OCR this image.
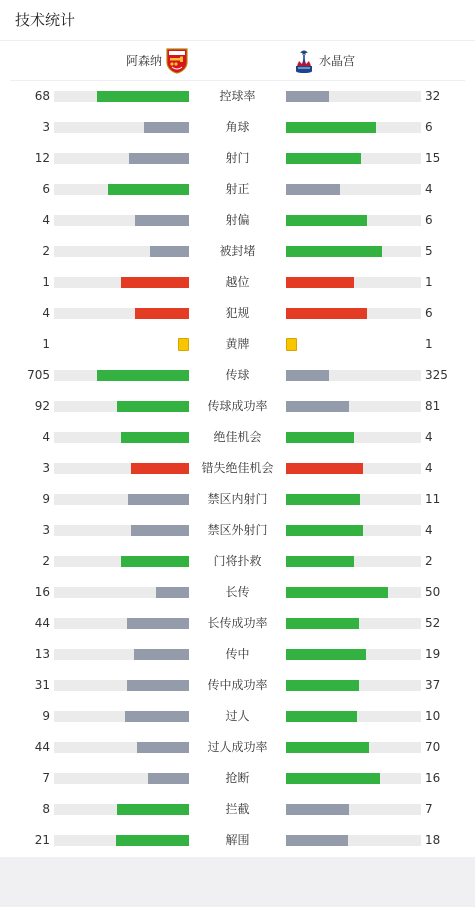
技术统计
阿森纳	水晶宫
68	控球率	32
3	角球	6
12	射门	15
6	射正	4
4	射偏	6
2	被封堵	5
1	越位	1
4	犯规	6
1	黄牌	1
705	传球	325
92	传球成功率	81
4	绝佳机会	4
3	错失绝佳机会	4
9	禁区内射门	11
3	禁区外射门	4
2	门将扑救	2
16	长传	50
44	长传成功率	52
13	传中	19
31	传中成功率	37
9	过人	10
44	过人成功率	70
7	抢断	16
8	拦截	7
21	解围	18
